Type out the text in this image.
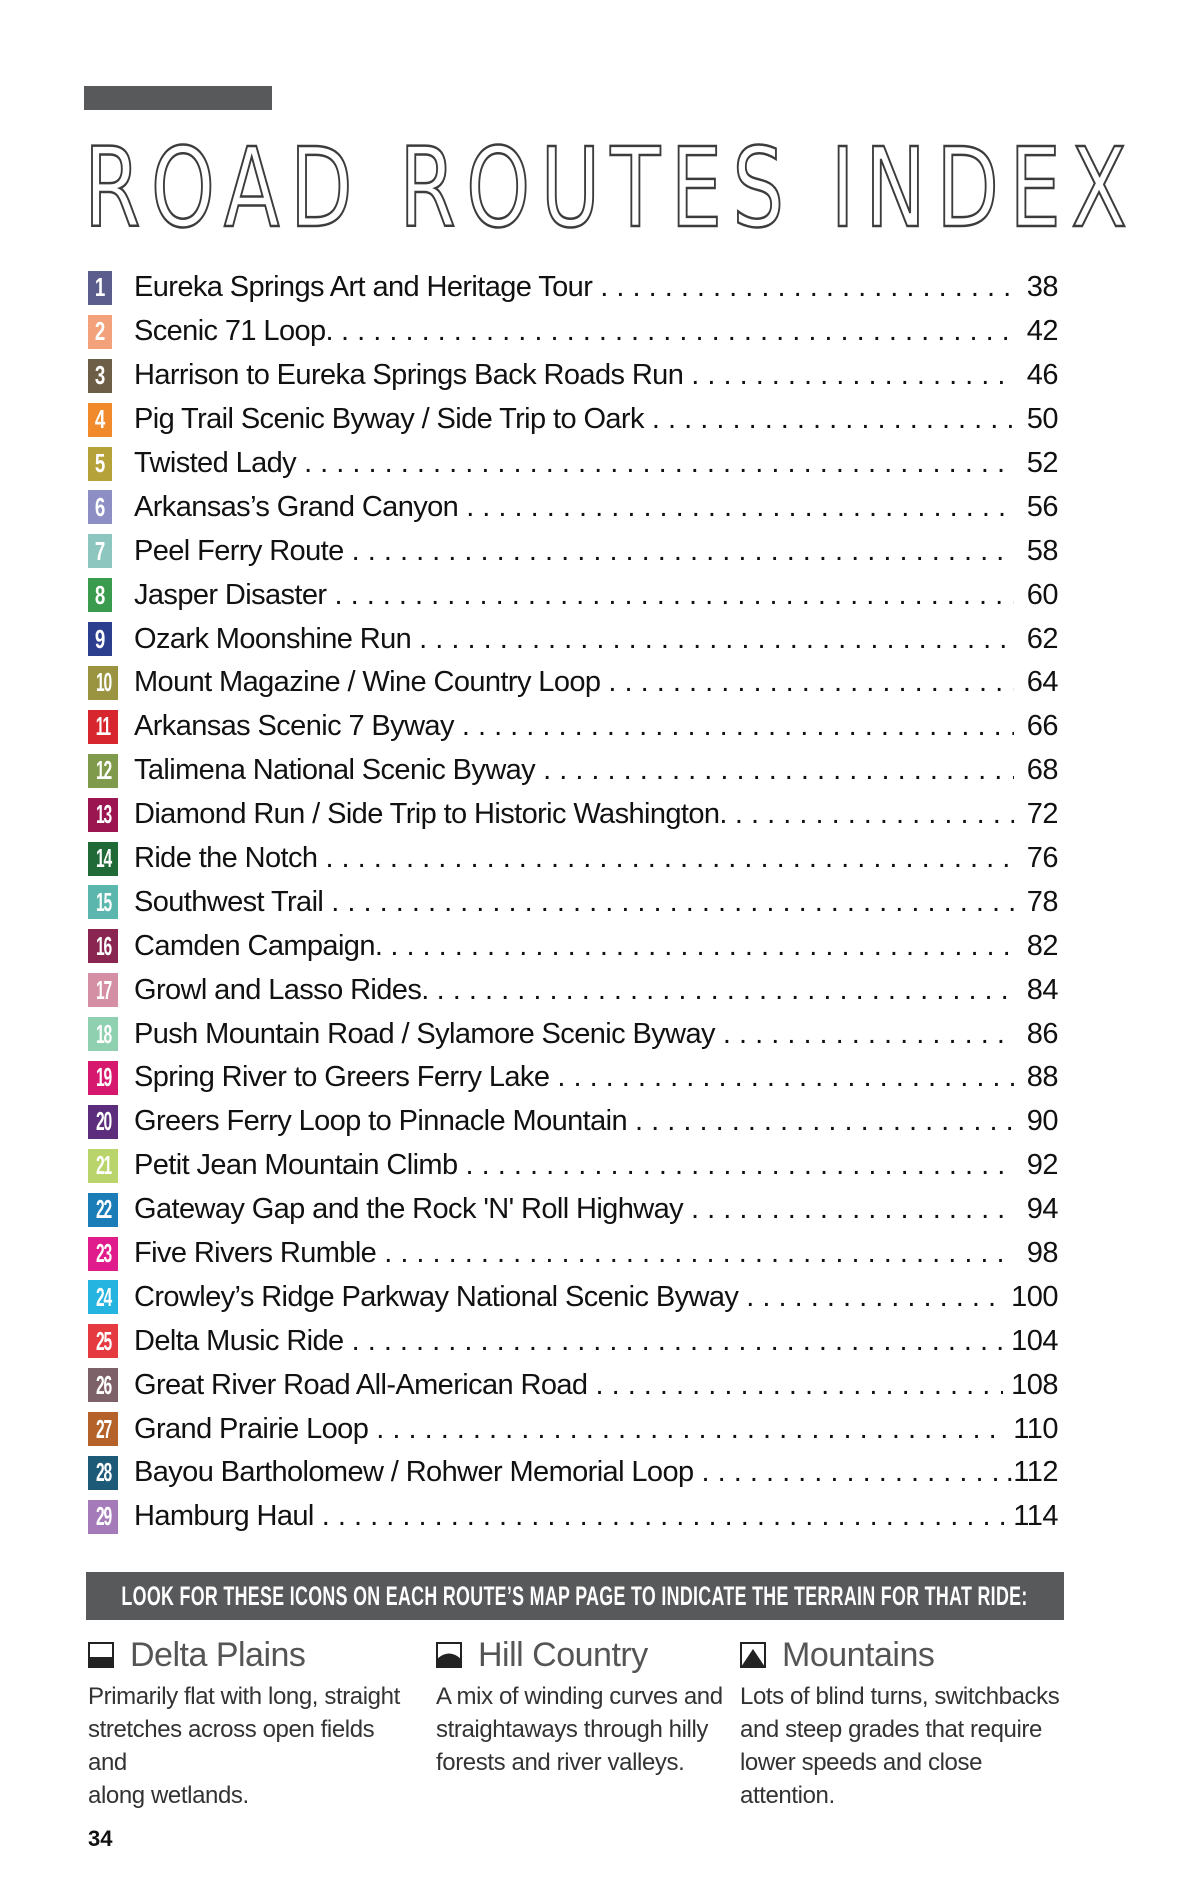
ROAD ROUTES INDEX
1 Eureka Springs Art and Heritage Tour . . .	38
2 Scenic 71 Loop. . . .	42
3 Harrison to Eureka Springs Back Roads Run . . .	46
4 Pig Trail Scenic Byway / Side Trip to Oark . . .	50
5 Twisted Lady . . .	52
6 Arkansas’s Grand Canyon . . .	56
7 Peel Ferry Route . . .	58
8 Jasper Disaster . . .	60
9 Ozark Moonshine Run . . .	62
10 Mount Magazine / Wine Country Loop . . .	64
11 Arkansas Scenic 7 Byway . . .	66
12 Talimena National Scenic Byway . . .	68
13 Diamond Run / Side Trip to Historic Washington. . . .	72
14 Ride the Notch . . .	76
15 Southwest Trail . . .	78
16 Camden Campaign. . . .	82
17 Growl and Lasso Rides. . . .	84
18 Push Mountain Road / Sylamore Scenic Byway . . .	86
19 Spring River to Greers Ferry Lake . . .	88
20 Greers Ferry Loop to Pinnacle Mountain . . .	90
21 Petit Jean Mountain Climb . . .	92
22 Gateway Gap and the Rock 'N' Roll Highway . . .	94
23 Five Rivers Rumble . . .	98
24 Crowley’s Ridge Parkway National Scenic Byway . . .	100
25 Delta Music Ride . . .	104
26 Great River Road All-American Road . . .	108
27 Grand Prairie Loop . . .	110
28 Bayou Bartholomew / Rohwer Memorial Loop . . .	.112
29 Hamburg Haul . . .	114
LOOK FOR THESE ICONS ON EACH ROUTE’S MAP PAGE TO INDICATE THE TERRAIN FOR THAT RIDE:
Delta Plains
Primarily flat with long, straight
stretches across open fields and
along wetlands.
Hill Country
A mix of winding curves and
straightaways through hilly
forests and river valleys.
Mountains
Lots of blind turns, switchbacks
and steep grades that require
lower speeds and close attention.
34
